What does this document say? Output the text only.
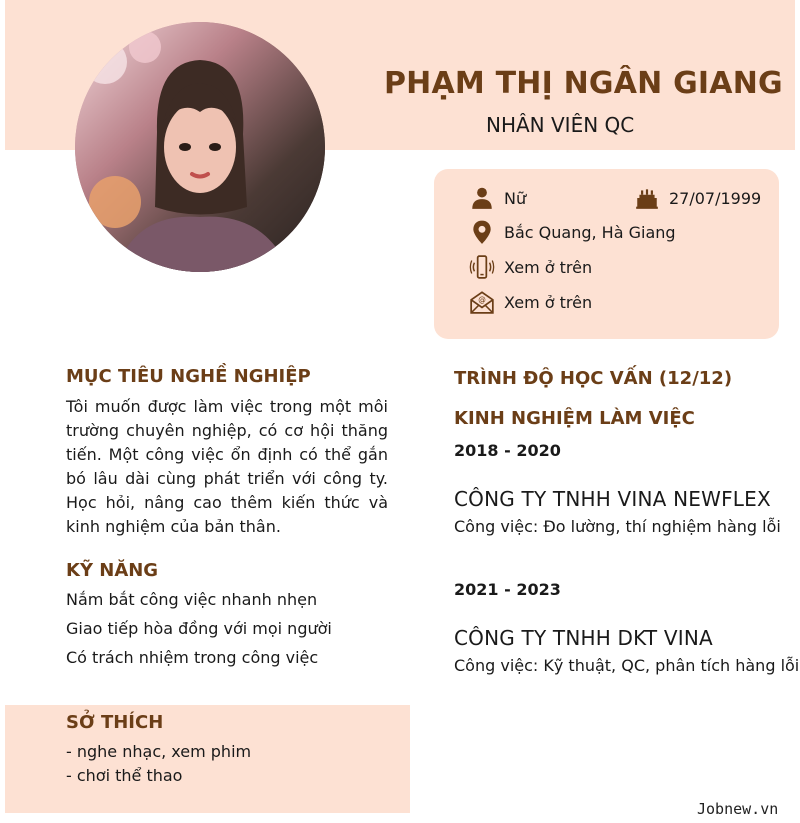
PHẠM THỊ NGÂN GIANG
NHÂN VIÊN QC
Nữ	27/07/1999
Bắc Quang, Hà Giang
Xem ở trên
@ Xem ở trên
MỤC TIÊU NGHỀ NGHIỆP
Tôi muốn được làm việc trong một môi trường chuyên nghiệp, có cơ hội thăng tiến. Một công việc ổn định có thể gắn bó lâu dài cùng phát triển với công ty. Học hỏi, nâng cao thêm kiến thức và kinh nghiệm của bản thân.
KỸ NĂNG
Nắm bắt công việc nhanh nhẹn
Giao tiếp hòa đồng với mọi người
Có trách nhiệm trong công việc
SỞ THÍCH
- nghe nhạc, xem phim
- chơi thể thao
TRÌNH ĐỘ HỌC VẤN (12/12)
KINH NGHIỆM LÀM VIỆC
2018 - 2020
CÔNG TY TNHH VINA NEWFLEX
Công việc: Đo lường, thí nghiệm hàng lỗi
2021 - 2023
CÔNG TY TNHH DKT VINA
Công việc: Kỹ thuật, QC, phân tích hàng lỗi
Jobnew.vn
